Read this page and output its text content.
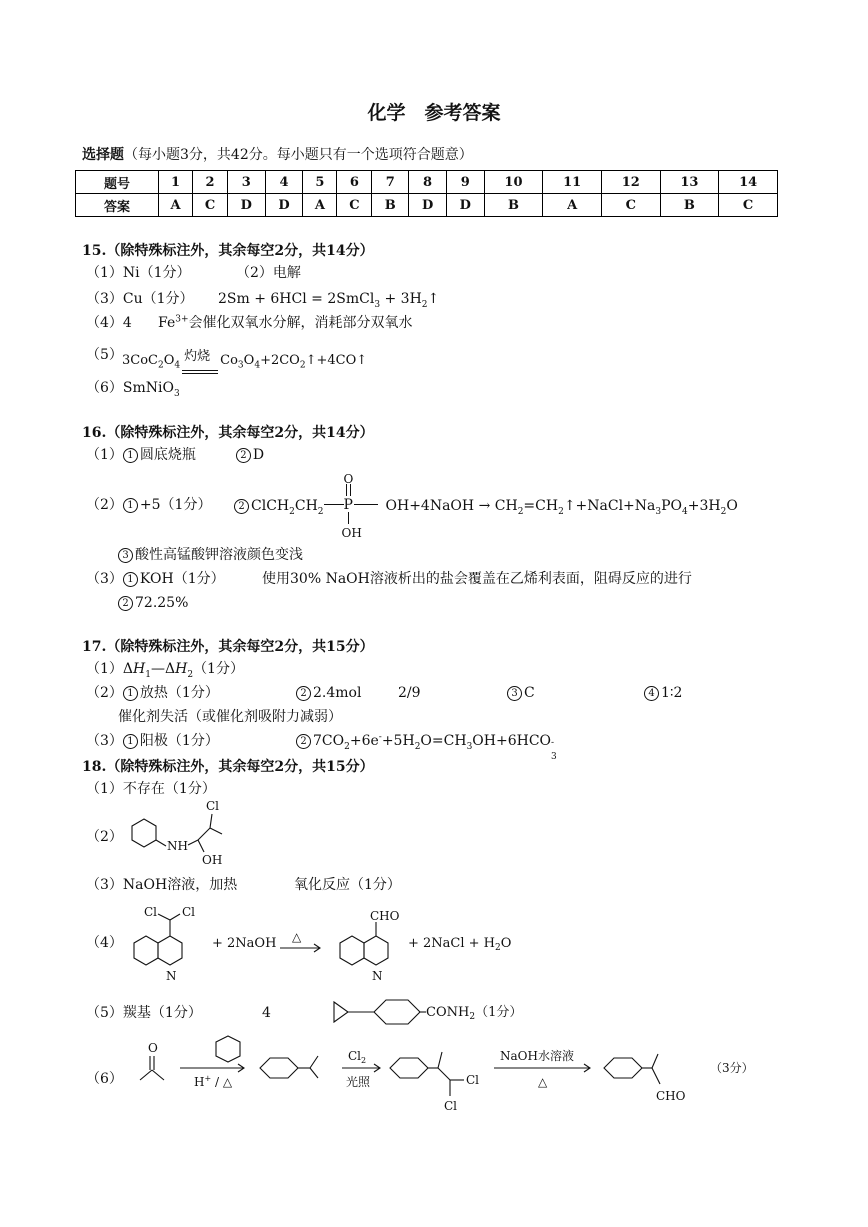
化学　参考答案
选择题（每小题3分，共42分。每小题只有一个选项符合题意）
题号	1	2	3	4	5	6	7	8	9	10	11	12	13	14
答案	A	C	D	D	A	C	B	D	D	B	A	C	B	C
15.（除特殊标注外，其余每空2分，共14分）
（1）Ni（1分）	（2）电解
（3）Cu（1分） 2Sm + 6HCl = 2SmCl$_3$ + $3H_2↑$
（4）4 $Fe^{3+}$会催化双氧水分解，消耗部分双氧水
（5） $3CoC_2O_4$
灼烧 $Co_3O_4+2CO_2↑+4CO↑$
（6）SmNiO$_3$
16.（除特殊标注外，其余每空2分，共14分）
（1） 1 圆底烧瓶	2 D
（2） 1 +5（1分）	2 $ClCH_2CH_2$
O
P
OH
OH+4NaOH → $CH_2=CH_2↑+NaCl+Na_3PO_4+3H_2O$
3 酸性高锰酸钾溶液颜色变浅
（3） 1 KOH（1分）	使用30% NaOH溶液析出的盐会覆盖在乙烯利表面，阻碍反应的进行
2 72.25%
17.（除特殊标注外，其余每空2分，共15分）
$(1)\Delta H_1—\Delta H_2(1$分）
（2） 1 放热（1分）	2 2.4mol	2/9	3 C	4 1∶2
催化剂失活（或催化剂吸附力减弱）
（3） 1 阳极（1分）	2 $7CO_2+6e^-+5H_2O=CH_3OH+6HCO$ -
3
18.（除特殊标注外，其余每空2分，共15分）
（1）不存在（1分）
（2）
NH
OH
Cl
（3）NaOH溶液，加热	氧化反应（1分）
（4）
Cl Cl
N
+ 2NaOH △
CHO
N
+ 2NaCl + $H_2O$
（5）羰基（1分）	4	$CONH_2(1$分）
（6）
O
H+ / △
$Cl_2$
光照	Cl
Cl
NaOH水溶液
△
CHO
（3分）
